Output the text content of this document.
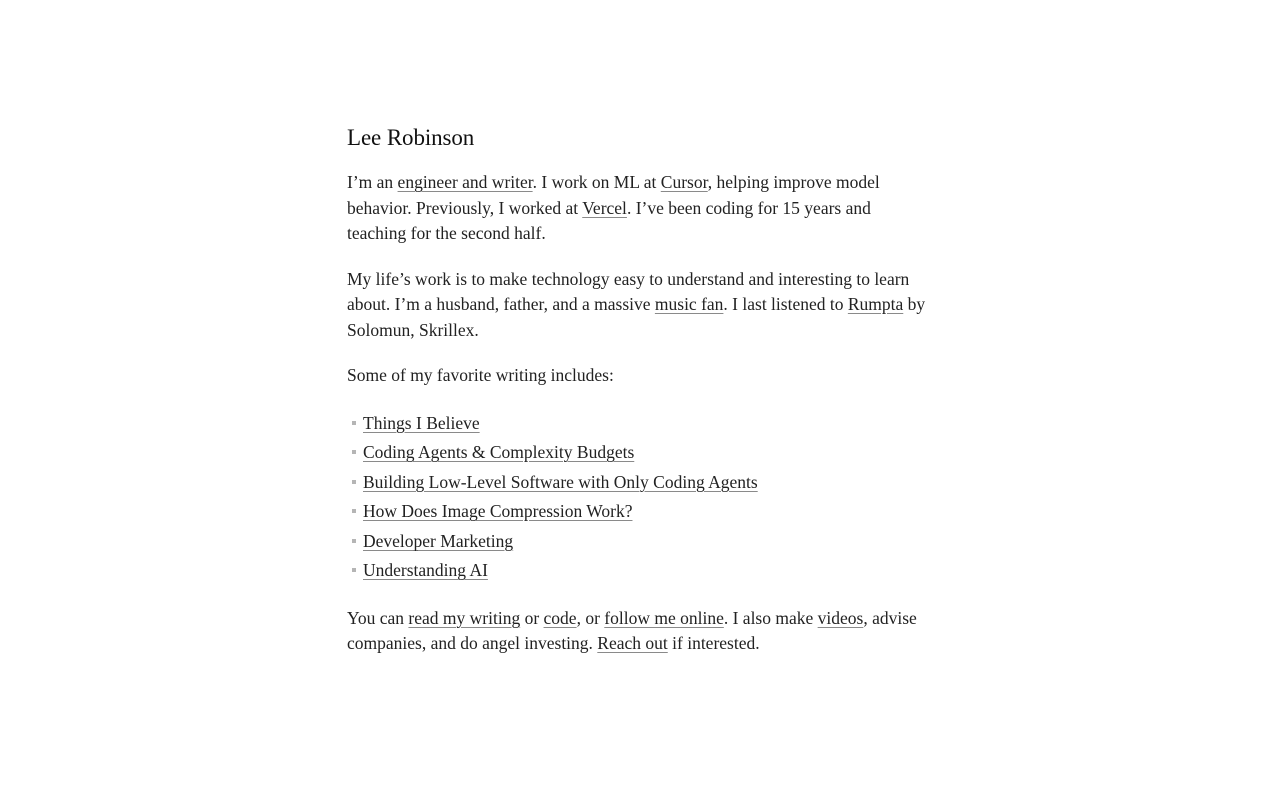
Lee Robinson

I’m an engineer and writer. I work on ML at Cursor, helping improve model behavior. Previously, I worked at Vercel. I’ve been coding for 15 years and teaching for the second half.

My life’s work is to make technology easy to understand and interesting to learn about. I’m a husband, father, and a massive music fan. I last listened to Rumpta by Solomun, Skrillex.

Some of my favorite writing includes:

Things I Believe
Coding Agents & Complexity Budgets
Building Low-Level Software with Only Coding Agents
How Does Image Compression Work?
Developer Marketing
Understanding AI

You can read my writing or code, or follow me online. I also make videos, advise companies, and do angel investing. Reach out if interested.
